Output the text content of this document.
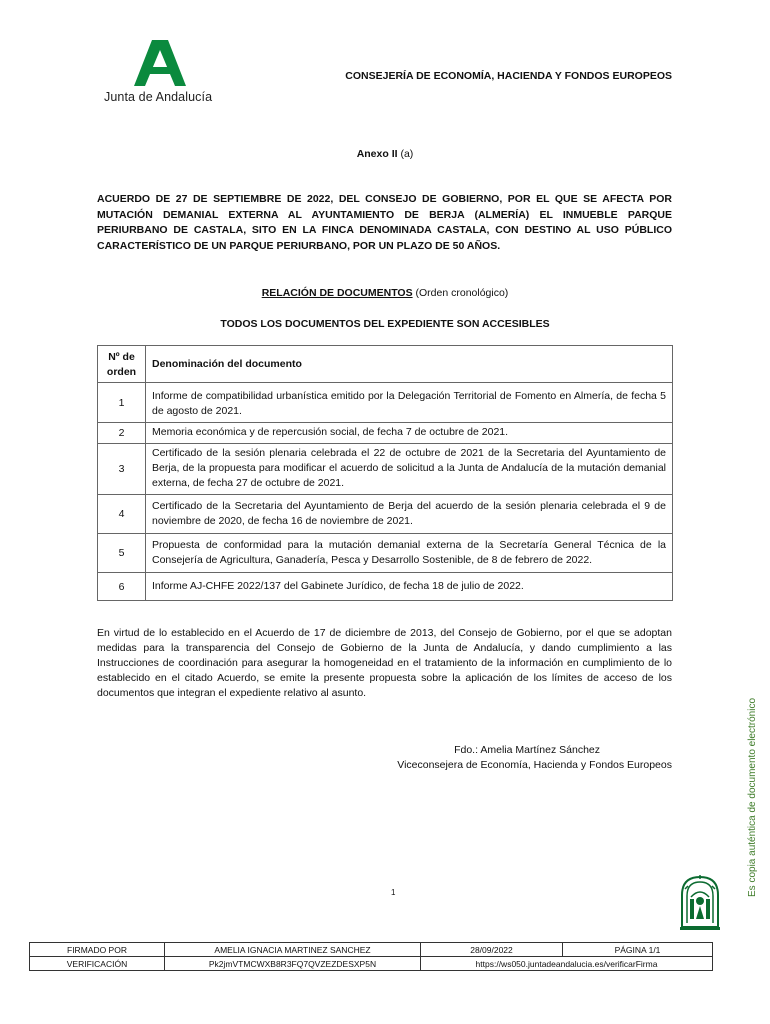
Junta de Andalucía
CONSEJERÍA DE ECONOMÍA, HACIENDA Y FONDOS EUROPEOS
Anexo II (a)
ACUERDO DE 27 DE SEPTIEMBRE DE 2022, DEL CONSEJO DE GOBIERNO, POR EL QUE SE AFECTA POR MUTACIÓN DEMANIAL EXTERNA AL AYUNTAMIENTO DE BERJA (ALMERÍA) EL INMUEBLE PARQUE PERIURBANO DE CASTALA, SITO EN LA FINCA DENOMINADA CASTALA, CON DESTINO AL USO PÚBLICO CARACTERÍSTICO DE UN PARQUE PERIURBANO, POR UN PLAZO DE 50 AÑOS.
RELACIÓN DE DOCUMENTOS (Orden cronológico)
TODOS LOS DOCUMENTOS DEL EXPEDIENTE SON ACCESIBLES
Nº de orden	Denominación del documento
1	Informe de compatibilidad urbanística emitido por la Delegación Territorial de Fomento en Almería, de fecha 5 de agosto de 2021.
2	Memoria económica y de repercusión social, de fecha 7 de octubre de 2021.
3	Certificado de la sesión plenaria celebrada el 22 de octubre de 2021 de la Secretaria del Ayuntamiento de Berja, de la propuesta para modificar el acuerdo de solicitud a la Junta de Andalucía de la mutación demanial externa, de fecha 27 de octubre de 2021.
4	Certificado de la Secretaria del Ayuntamiento de Berja del acuerdo de la sesión plenaria celebrada el 9 de noviembre de 2020, de fecha 16 de noviembre de 2021.
5	Propuesta de conformidad para la mutación demanial externa de la Secretaría General Técnica de la Consejería de Agricultura, Ganadería, Pesca y Desarrollo Sostenible, de 8 de febrero de 2022.
6	Informe AJ-CHFE 2022/137 del Gabinete Jurídico, de fecha 18 de julio de 2022.
En virtud de lo establecido en el Acuerdo de 17 de diciembre de 2013, del Consejo de Gobierno, por el que se adoptan medidas para la transparencia del Consejo de Gobierno de la Junta de Andalucía, y dando cumplimiento a las Instrucciones de coordinación para asegurar la homogeneidad en el tratamiento de la información en cumplimiento de lo establecido en el citado Acuerdo, se emite la presente propuesta sobre la aplicación de los límites de acceso de los documentos que integran el expediente relativo al asunto.
Fdo.: Amelia Martínez Sánchez
Viceconsejera de Economía, Hacienda y Fondos Europeos
1	Es copia auténtica de documento electrónico
FIRMADO POR	AMELIA IGNACIA MARTINEZ SANCHEZ	28/09/2022	PÁGINA 1/1
VERIFICACIÓN	Pk2jmVTMCWXB8R3FQ7QVZEZDESXP5N	https://ws050.juntadeandalucia.es/verificarFirma	
